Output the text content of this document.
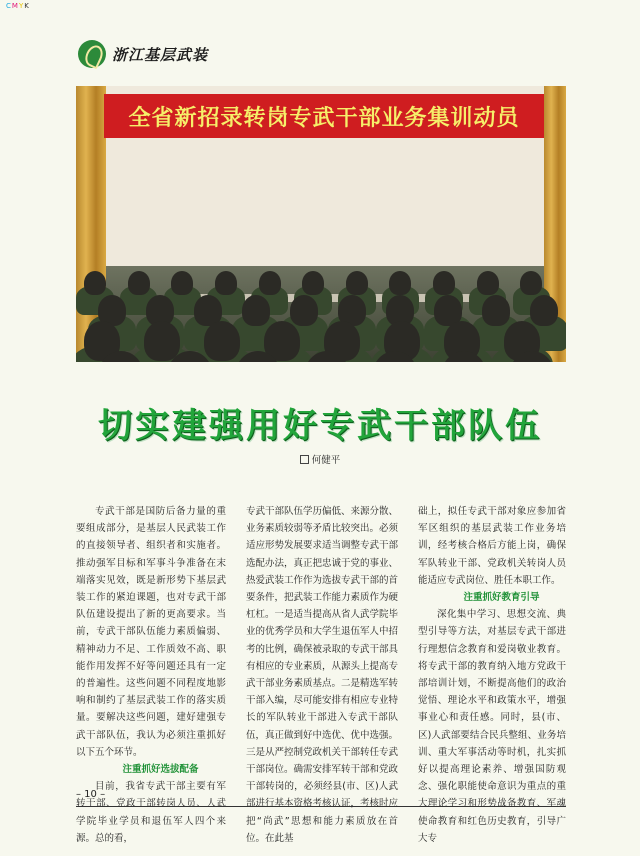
CMYK
浙江基层武装
全省新招录转岗专武干部业务集训动员
切实建强用好专武干部队伍
何健平

专武干部是国防后备力量的重要组成部分，是基层人民武装工作的直接领导者、组织者和实施者。推动强军目标和军事斗争准备在末端落实见效，既是新形势下基层武装工作的紧迫课题，也对专武干部队伍建设提出了新的更高要求。当前，专武干部队伍能力素质偏弱、精神动力不足、工作质效不高、职能作用发挥不好等问题还具有一定的普遍性。这些问题不同程度地影响和制约了基层武装工作的落实质量。要解决这些问题，建好建强专武干部队伍，我认为必须注重抓好以下五个环节。

注重抓好选拔配备

目前，我省专武干部主要有军转干部、党政干部转岗人员、人武学院毕业学员和退伍军人四个来源。总的看，

专武干部队伍学历偏低、来源分散、业务素质较弱等矛盾比较突出。必须适应形势发展要求适当调整专武干部选配办法，真正把忠诚于党的事业、热爱武装工作作为选拔专武干部的首要条件，把武装工作能力素质作为硬杠杠。一是适当提高从省人武学院毕业的优秀学员和大学生退伍军人中招考的比例，确保被录取的专武干部具有相应的专业素质，从源头上提高专武干部业务素质基点。二是精选军转干部入编，尽可能安排有相应专业特长的军队转业干部进入专武干部队伍，真正做到好中选优、优中选强。三是从严控制党政机关干部转任专武干部岗位。确需安排军转干部和党政干部转岗的，必须经县(市、区)人武部进行基本资格考核认证，考核时应把“尚武”思想和能力素质放在首位。在此基

础上，拟任专武干部对象应参加省军区组织的基层武装工作业务培训，经考核合格后方能上岗，确保军队转业干部、党政机关转岗人员能适应专武岗位、胜任本职工作。

注重抓好教育引导

深化集中学习、思想交流、典型引导等方法，对基层专武干部进行理想信念教育和爱岗敬业教育。将专武干部的教育纳入地方党政干部培训计划，不断提高他们的政治觉悟、理论水平和政策水平，增强事业心和责任感。同时，县(市、区)人武部要结合民兵整组、业务培训、重大军事活动等时机，扎实抓好以提高理论素养、增强国防观念、强化职能使命意识为重点的重大理论学习和形势战备教育、军魂使命教育和红色历史教育，引导广大专

– 10 –
